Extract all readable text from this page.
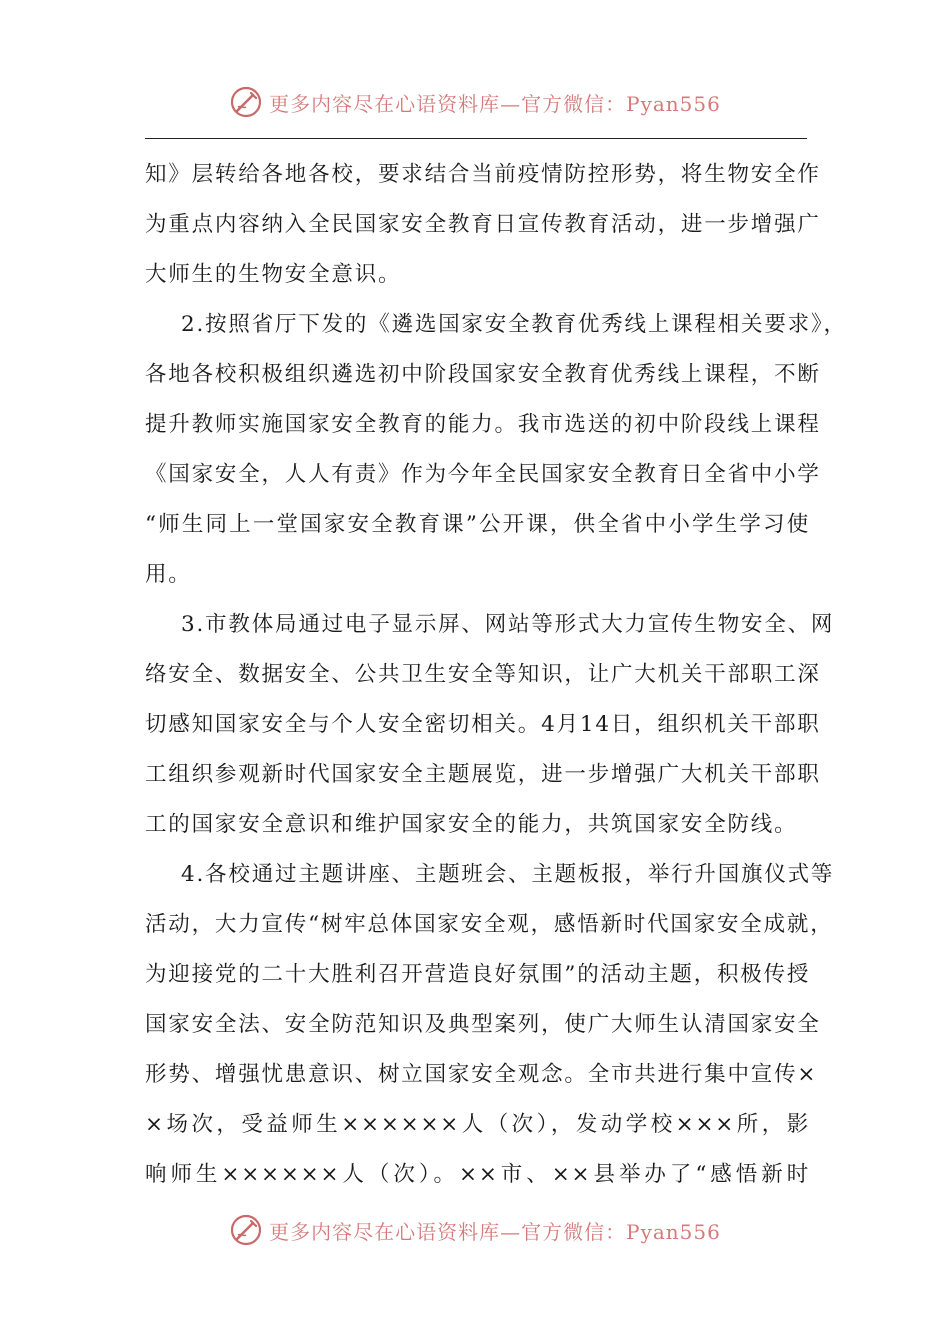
更多内容尽在心语资料库—官方微信：Pyan556
知》层转给各地各校，要求结合当前疫情防控形势，将生物安全作
为重点内容纳入全民国家安全教育日宣传教育活动，进一步增强广
大师生的生物安全意识。
2.按照省厅下发的《遴选国家安全教育优秀线上课程相关要求》，
各地各校积极组织遴选初中阶段国家安全教育优秀线上课程，不断
提升教师实施国家安全教育的能力。我市选送的初中阶段线上课程
《国家安全，人人有责》作为今年全民国家安全教育日全省中小学
“师生同上一堂国家安全教育课”公开课，供全省中小学生学习使
用。
3.市教体局通过电子显示屏、网站等形式大力宣传生物安全、网
络安全、数据安全、公共卫生安全等知识，让广大机关干部职工深
切感知国家安全与个人安全密切相关。4月14日，组织机关干部职
工组织参观新时代国家安全主题展览，进一步增强广大机关干部职
工的国家安全意识和维护国家安全的能力，共筑国家安全防线。
4.各校通过主题讲座、主题班会、主题板报，举行升国旗仪式等
活动，大力宣传“树牢总体国家安全观，感悟新时代国家安全成就，
为迎接党的二十大胜利召开营造良好氛围”的活动主题，积极传授
国家安全法、安全防范知识及典型案列，使广大师生认清国家安全
形势、增强忧患意识、树立国家安全观念。全市共进行集中宣传×
×场次，受益师生××××××人（次），发动学校×××所，影
响师生××××××人（次）。××市、××县举办了“感悟新时
更多内容尽在心语资料库—官方微信：Pyan556
